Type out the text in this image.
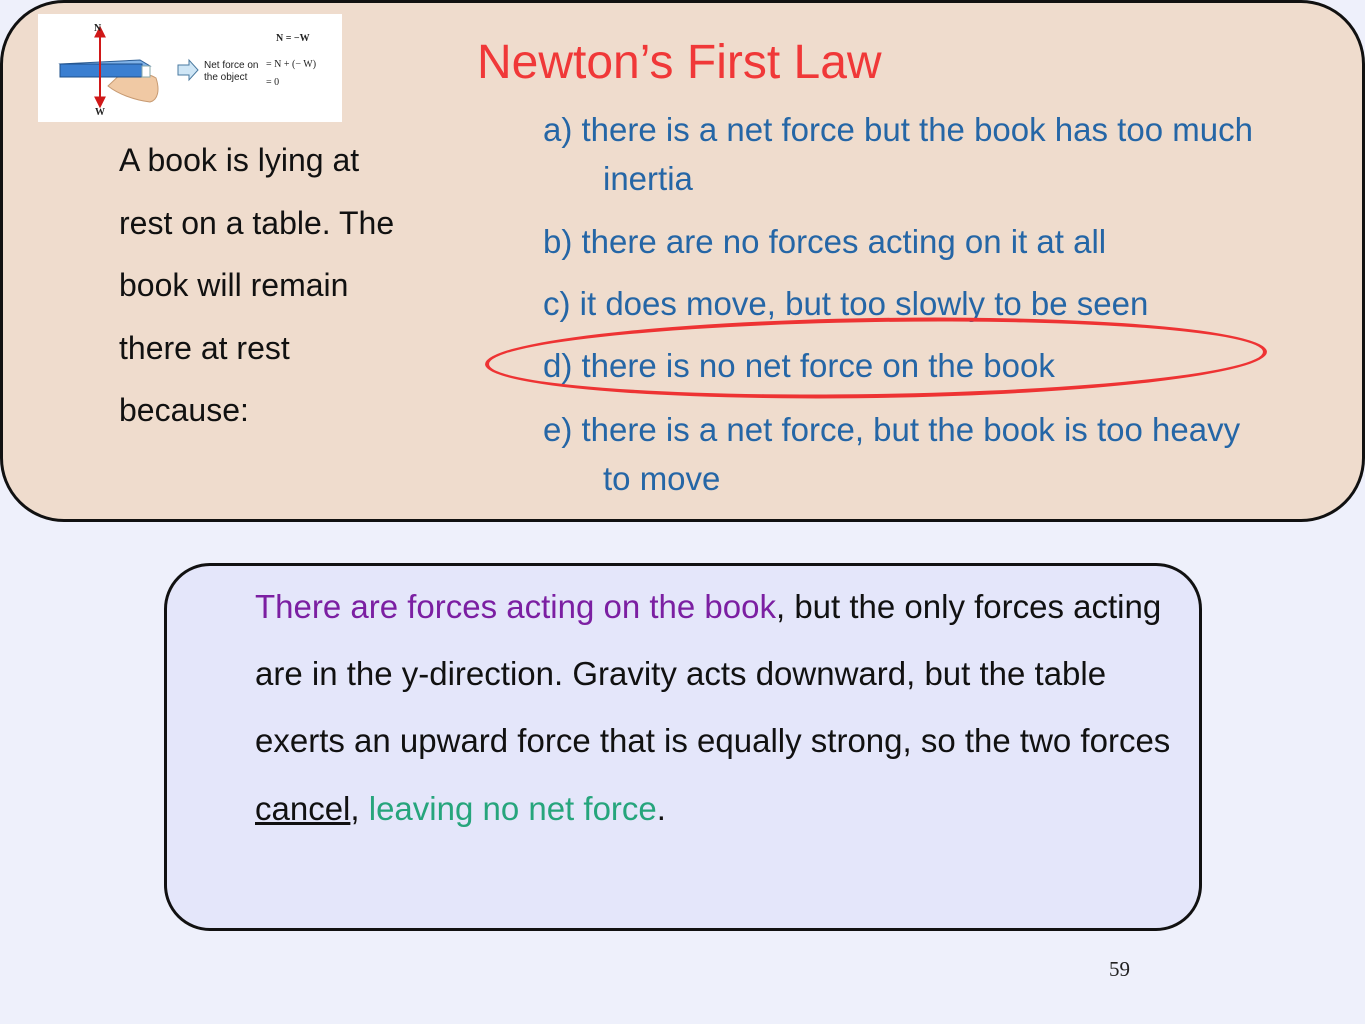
N
W
Net force on
the object
N = −W
= N + (− W)
= 0	Newton’s First Law
A book is lying at
rest on a table. The
book will remain
there at rest
because:
a) there is a net force but the book has too much
inertia
b) there are no forces acting on it at all
c) it does move, but too slowly to be seen
d) there is no net force on the book
e) there is a net force, but the book is too heavy
to move
There are forces acting on the book, but the only forces acting are in the y-direction. Gravity acts downward, but the table exerts an upward force that is equally strong, so the two forces cancel, leaving no net force.
59
